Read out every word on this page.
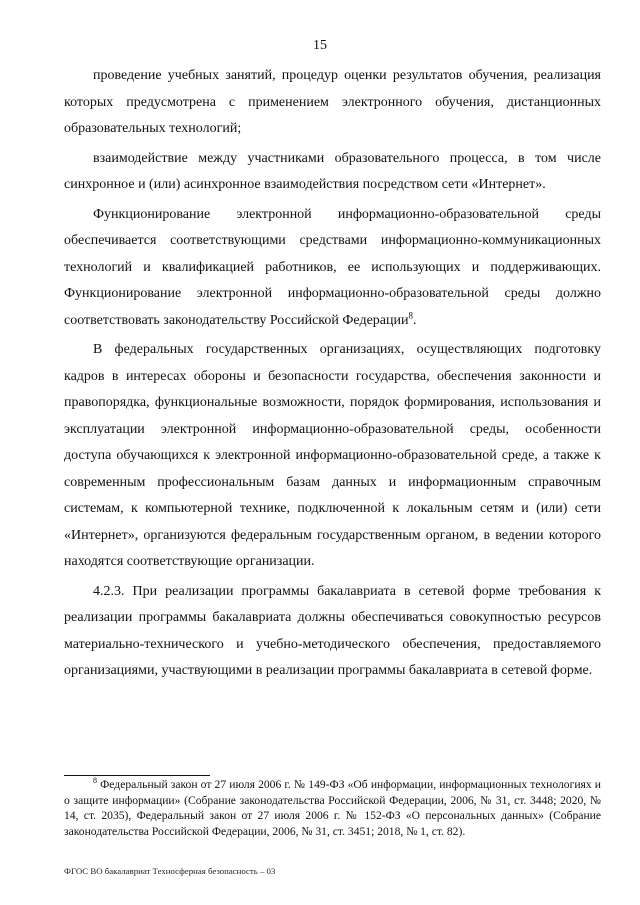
15

проведение учебных занятий, процедур оценки результатов обучения, реализация которых предусмотрена с применением электронного обучения, дистанционных образовательных технологий;

взаимодействие между участниками образовательного процесса, в том числе синхронное и (или) асинхронное взаимодействия посредством сети «Интернет».

Функционирование электронной информационно-образовательной среды обеспечивается соответствующими средствами информационно-коммуникационных технологий и квалификацией работников, ее использующих и поддерживающих. Функционирование электронной информационно-образовательной среды должно соответствовать законодательству Российской Федерации$^8$.

В федеральных государственных организациях, осуществляющих подготовку кадров в интересах обороны и безопасности государства, обеспечения законности и правопорядка, функциональные возможности, порядок формирования, использования и эксплуатации электронной информационно-образовательной среды, особенности доступа обучающихся к электронной информационно-образовательной среде, а также к современным профессиональным базам данных и информационным справочным системам, к компьютерной технике, подключенной к локальным сетям и (или) сети «Интернет», организуются федеральным государственным органом, в ведении которого находятся соответствующие организации.

4.2.3. При реализации программы бакалавриата в сетевой форме требования к реализации программы бакалавриата должны обеспечиваться совокупностью ресурсов материально-технического и учебно-методического обеспечения, предоставляемого организациями, участвующими в реализации программы бакалавриата в сетевой форме.

$^8$ Федеральный закон от 27 июля 2006 г. № 149-ФЗ «Об информации, информационных технологиях и о защите информации» (Собрание законодательства Российской Федерации, 2006, № 31, ст. 3448; 2020, № 14, ст. 2035), Федеральный закон от 27 июля 2006 г. № 152-ФЗ «О персональных данных» (Собрание законодательства Российской Федерации, 2006, № 31, ст. 3451; 2018, № 1, ст. 82).

ФГОС ВО бакалавриат Техносферная безопасность – 03
